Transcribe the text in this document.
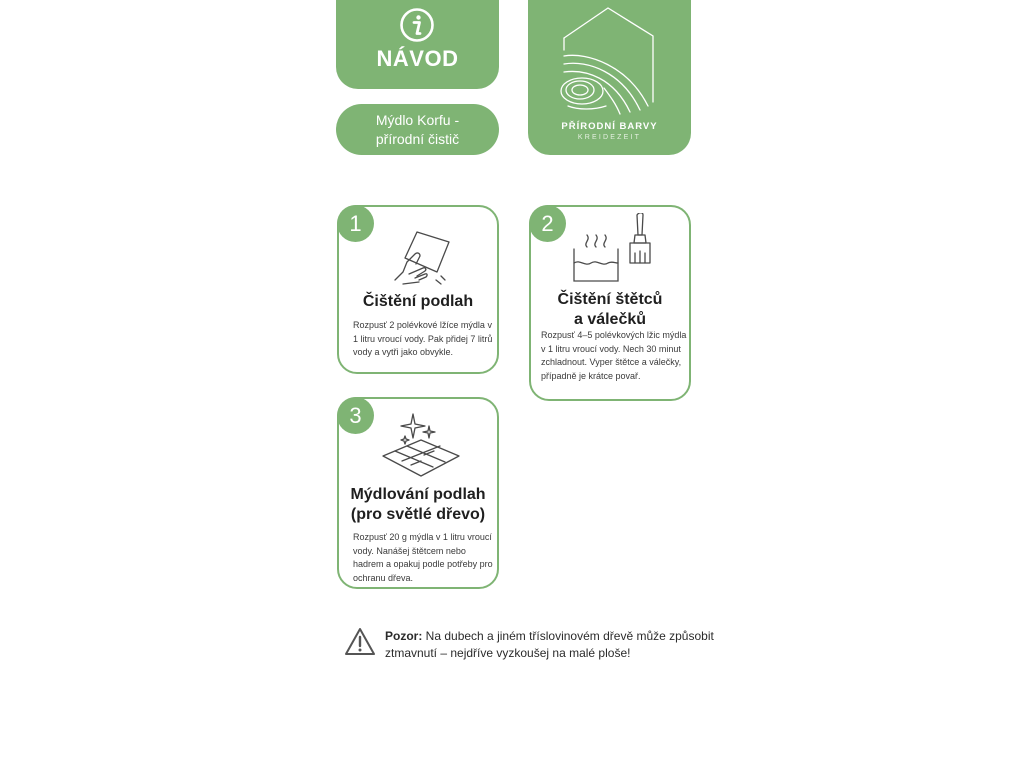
NÁVOD
Mýdlo Korfu -
přírodní čistič
PŘÍRODNÍ BARVY
KREIDEZEIT
1
Čištění podlah
Rozpusť 2 polévkové lžíce mýdla v 1 litru vroucí vody. Pak přidej 7 litrů vody a vytři jako obvykle.
2
Čištění štětců
a válečků
Rozpusť 4–5 polévkových lžic mýdla v 1 litru vroucí vody. Nech 30 minut zchladnout. Vyper štětce a válečky, případně je krátce povař.
3
Mýdlování podlah
(pro světlé dřevo)
Rozpusť 20 g mýdla v 1 litru vroucí vody. Nanášej štětcem nebo hadrem a opakuj podle potřeby pro ochranu dřeva.
Pozor: Na dubech a jiném tříslovinovém dřevě může způsobit ztmavnutí – nejdříve vyzkoušej na malé ploše!
